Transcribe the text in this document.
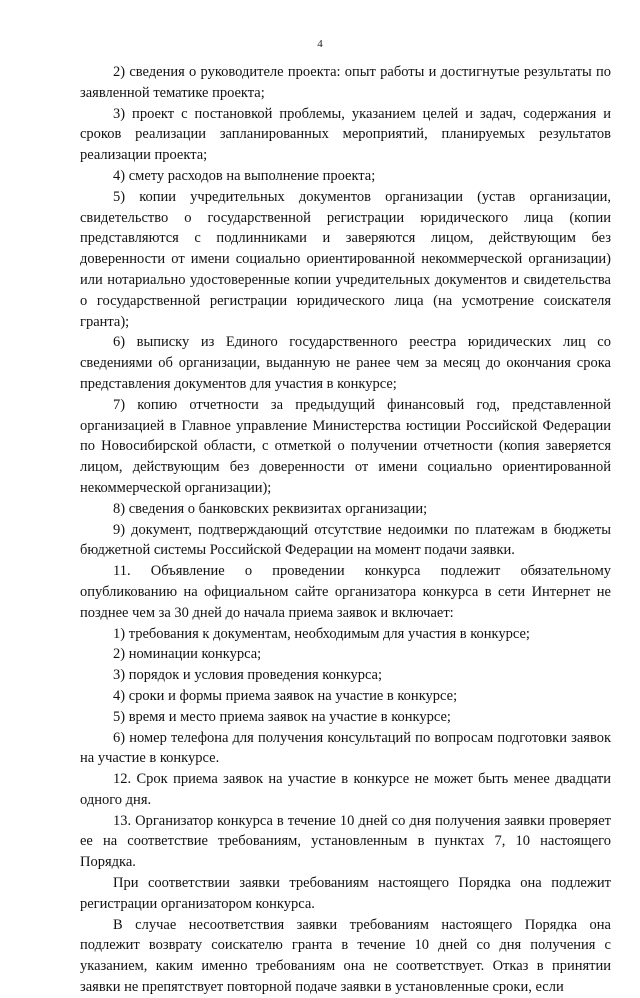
4

2) сведения о руководителе проекта: опыт работы и достигнутые результаты по заявленной тематике проекта;

3) проект с постановкой проблемы, указанием целей и задач, содержания и сроков реализации запланированных мероприятий, планируемых результатов реализации проекта;

4) смету расходов на выполнение проекта;

5) копии учредительных документов организации (устав организации, свидетельство о государственной регистрации юридического лица (копии представляются с подлинниками и заверяются лицом, действующим без доверенности от имени социально ориентированной некоммерческой организации) или нотариально удостоверенные копии учредительных документов и свидетельства о государственной регистрации юридического лица (на усмотрение соискателя гранта);

6) выписку из Единого государственного реестра юридических лиц со сведениями об организации, выданную не ранее чем за месяц до окончания срока представления документов для участия в конкурсе;

7) копию отчетности за предыдущий финансовый год, представленной организацией в Главное управление Министерства юстиции Российской Федерации по Новосибирской области, с отметкой о получении отчетности (копия заверяется лицом, действующим без доверенности от имени социально ориентированной некоммерческой организации);

8) сведения о банковских реквизитах организации;

9) документ, подтверждающий отсутствие недоимки по платежам в бюджеты бюджетной системы Российской Федерации на момент подачи заявки.

11. Объявление о проведении конкурса подлежит обязательному опубликованию на официальном сайте организатора конкурса в сети Интернет не позднее чем за 30 дней до начала приема заявок и включает:

1) требования к документам, необходимым для участия в конкурсе;

2) номинации конкурса;

3) порядок и условия проведения конкурса;

4) сроки и формы приема заявок на участие в конкурсе;

5) время и место приема заявок на участие в конкурсе;

6) номер телефона для получения консультаций по вопросам подготовки заявок на участие в конкурсе.

12. Срок приема заявок на участие в конкурсе не может быть менее двадцати одного дня.

13. Организатор конкурса в течение 10 дней со дня получения заявки проверяет ее на соответствие требованиям, установленным в пунктах 7, 10 настоящего Порядка.

При соответствии заявки требованиям настоящего Порядка она подлежит регистрации организатором конкурса.

В случае несоответствия заявки требованиям настоящего Порядка она подлежит возврату соискателю гранта в течение 10 дней со дня получения с указанием, каким именно требованиям она не соответствует. Отказ в принятии заявки не препятствует повторной подаче заявки в установленные сроки, если
